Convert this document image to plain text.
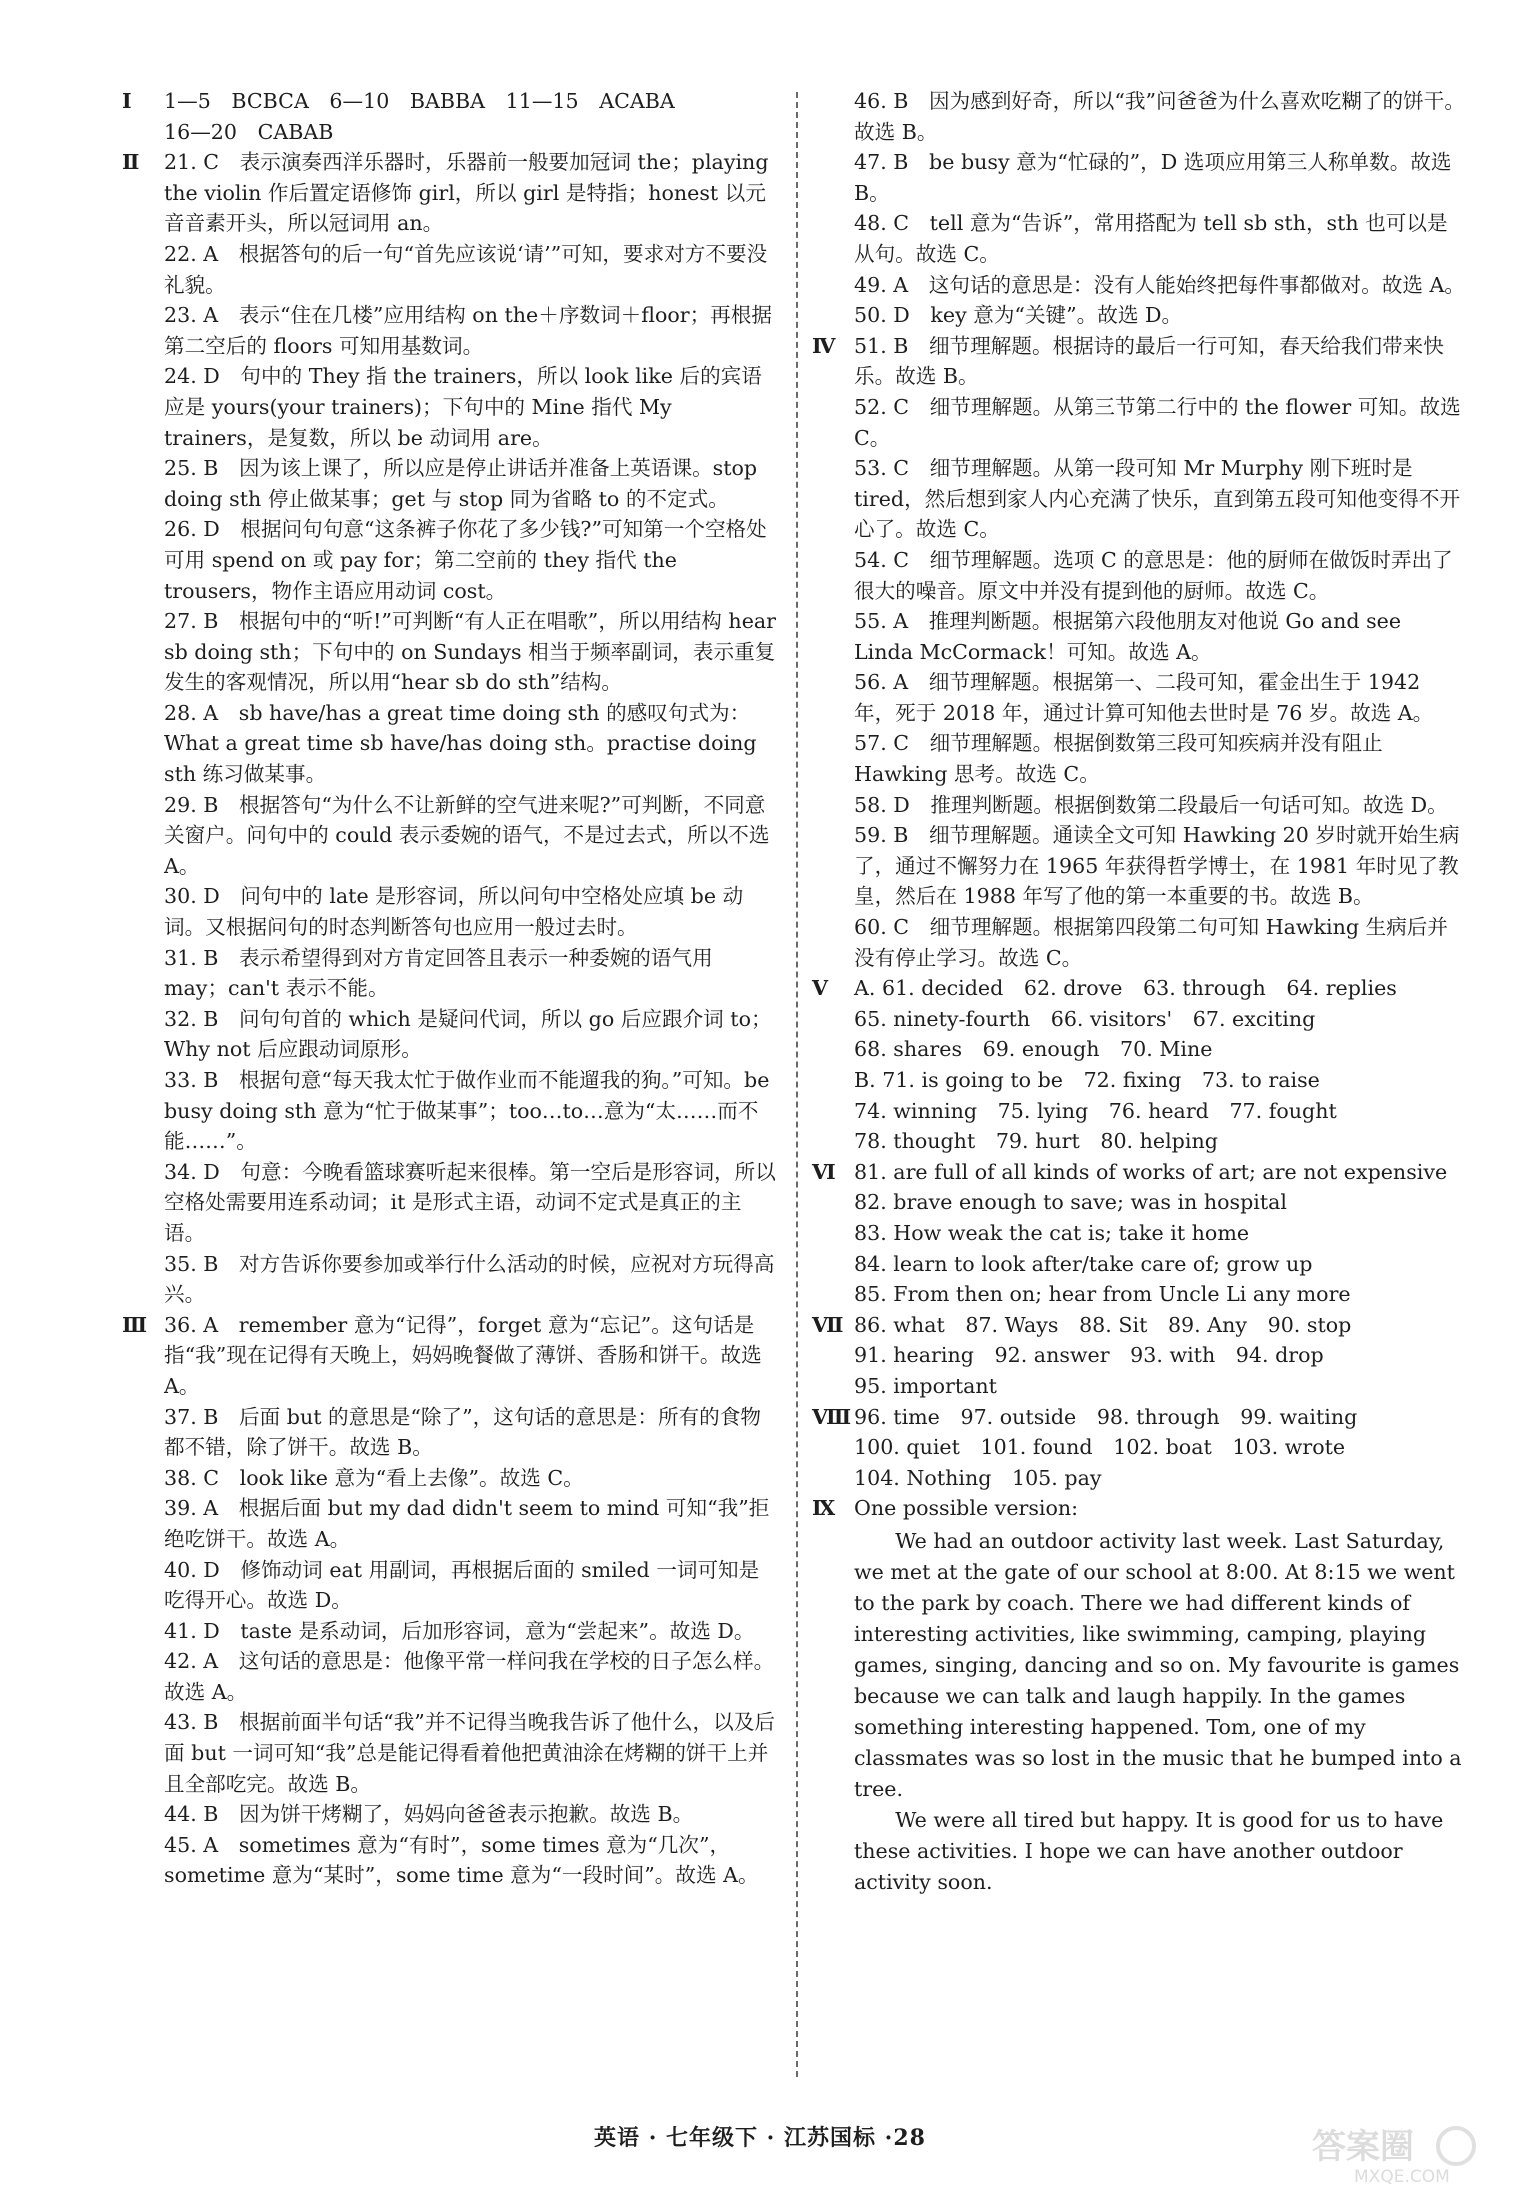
Ⅰ	1—5　BCBCA　6—10　BABBA　11—15　ACABA
16—20　CABAB
Ⅱ	21. C　表示演奏西洋乐器时，乐器前一般要加冠词 the；playing the violin 作后置定语修饰 girl，所以 girl 是特指；honest 以元音音素开头，所以冠词用 an。
22. A　根据答句的后一句“首先应该说‘请’”可知，要求对方不要没礼貌。
23. A　表示“住在几楼”应用结构 on the＋序数词＋floor；再根据第二空后的 floors 可知用基数词。
24. D　句中的 They 指 the trainers，所以 look like 后的宾语应是 yours(your trainers)；下句中的 Mine 指代 My trainers，是复数，所以 be 动词用 are。
25. B　因为该上课了，所以应是停止讲话并准备上英语课。stop doing sth 停止做某事；get 与 stop 同为省略 to 的不定式。
26. D　根据问句句意“这条裤子你花了多少钱?”可知第一个空格处可用 spend on 或 pay for；第二空前的 they 指代 the trousers，物作主语应用动词 cost。
27. B　根据句中的“听!”可判断“有人正在唱歌”，所以用结构 hear sb doing sth；下句中的 on Sundays 相当于频率副词，表示重复发生的客观情况，所以用“hear sb do sth”结构。
28. A　sb have/has a great time doing sth 的感叹句式为：What a great time sb have/has doing sth。practise doing sth 练习做某事。
29. B　根据答句“为什么不让新鲜的空气进来呢?”可判断，不同意关窗户。问句中的 could 表示委婉的语气，不是过去式，所以不选 A。
30. D　问句中的 late 是形容词，所以问句中空格处应填 be 动词。又根据问句的时态判断答句也应用一般过去时。
31. B　表示希望得到对方肯定回答且表示一种委婉的语气用 may；can't 表示不能。
32. B　问句句首的 which 是疑问代词，所以 go 后应跟介词 to；Why not 后应跟动词原形。
33. B　根据句意“每天我太忙于做作业而不能遛我的狗。”可知。be busy doing sth 意为“忙于做某事”；too…to…意为“太……而不能……”。
34. D　句意：今晚看篮球赛听起来很棒。第一空后是形容词，所以空格处需要用连系动词；it 是形式主语，动词不定式是真正的主语。
35. B　对方告诉你要参加或举行什么活动的时候，应祝对方玩得高兴。
Ⅲ 36. A　remember 意为“记得”，forget 意为“忘记”。这句话是指“我”现在记得有天晚上，妈妈晚餐做了薄饼、香肠和饼干。故选 A。
37. B　后面 but 的意思是“除了”，这句话的意思是：所有的食物都不错，除了饼干。故选 B。
38. C　look like 意为“看上去像”。故选 C。
39. A　根据后面 but my dad didn't seem to mind 可知“我”拒绝吃饼干。故选 A。
40. D　修饰动词 eat 用副词，再根据后面的 smiled 一词可知是吃得开心。故选 D。
41. D　taste 是系动词，后加形容词，意为“尝起来”。故选 D。
42. A　这句话的意思是：他像平常一样问我在学校的日子怎么样。故选 A。
43. B　根据前面半句话“我”并不记得当晚我告诉了他什么，以及后面 but 一词可知“我”总是能记得看着他把黄油涂在烤糊的饼干上并且全部吃完。故选 B。
44. B　因为饼干烤糊了，妈妈向爸爸表示抱歉。故选 B。
45. A　sometimes 意为“有时”，some times 意为“几次”，sometime 意为“某时”，some time 意为“一段时间”。故选 A。
46. B　因为感到好奇，所以“我”问爸爸为什么喜欢吃糊了的饼干。故选 B。
47. B　be busy 意为“忙碌的”，D 选项应用第三人称单数。故选 B。
48. C　tell 意为“告诉”，常用搭配为 tell sb sth，sth 也可以是从句。故选 C。
49. A　这句话的意思是：没有人能始终把每件事都做对。故选 A。
50. D　key 意为“关键”。故选 D。
Ⅳ 51. B　细节理解题。根据诗的最后一行可知，春天给我们带来快乐。故选 B。
52. C　细节理解题。从第三节第二行中的 the flower 可知。故选 C。
53. C　细节理解题。从第一段可知 Mr Murphy 刚下班时是 tired，然后想到家人内心充满了快乐，直到第五段可知他变得不开心了。故选 C。
54. C　细节理解题。选项 C 的意思是：他的厨师在做饭时弄出了很大的噪音。原文中并没有提到他的厨师。故选 C。
55. A　推理判断题。根据第六段他朋友对他说 Go and see Linda McCormack！可知。故选 A。
56. A　细节理解题。根据第一、二段可知，霍金出生于 1942 年，死于 2018 年，通过计算可知他去世时是 76 岁。故选 A。
57. C　细节理解题。根据倒数第三段可知疾病并没有阻止 Hawking 思考。故选 C。
58. D　推理判断题。根据倒数第二段最后一句话可知。故选 D。
59. B　细节理解题。通读全文可知 Hawking 20 岁时就开始生病了，通过不懈努力在 1965 年获得哲学博士，在 1981 年时见了教皇，然后在 1988 年写了他的第一本重要的书。故选 B。
60. C　细节理解题。根据第四段第二句可知 Hawking 生病后并没有停止学习。故选 C。
Ⅴ	A. 61. decided　62. drove　63. through　64. replies
65. ninety-fourth　66. visitors'　67. exciting
68. shares　69. enough　70. Mine
B. 71. is going to be　72. fixing　73. to raise
74. winning　75. lying　76. heard　77. fought
78. thought　79. hurt　80. helping
Ⅵ 81. are full of all kinds of works of art; are not expensive
82. brave enough to save; was in hospital
83. How weak the cat is; take it home
84. learn to look after/take care of; grow up
85. From then on; hear from Uncle Li any more
Ⅶ 86. what　87. Ways　88. Sit　89. Any　90. stop
91. hearing　92. answer　93. with　94. drop
95. important
Ⅷ 96. time　97. outside　98. through　99. waiting
100. quiet　101. found　102. boat　103. wrote
104. Nothing　105. pay
Ⅸ One possible version:

We had an outdoor activity last week. Last Saturday, we met at the gate of our school at 8:00. At 8:15 we went to the park by coach. There we had different kinds of interesting activities, like swimming, camping, playing games, singing, dancing and so on. My favourite is games because we can talk and laugh happily. In the games something interesting happened. Tom, one of my classmates was so lost in the music that he bumped into a tree.

We were all tired but happy. It is good for us to have these activities. I hope we can have another outdoor activity soon.

英语 · 七年级下 · 江苏国标 ·28	答案圈
MXQE.COM
